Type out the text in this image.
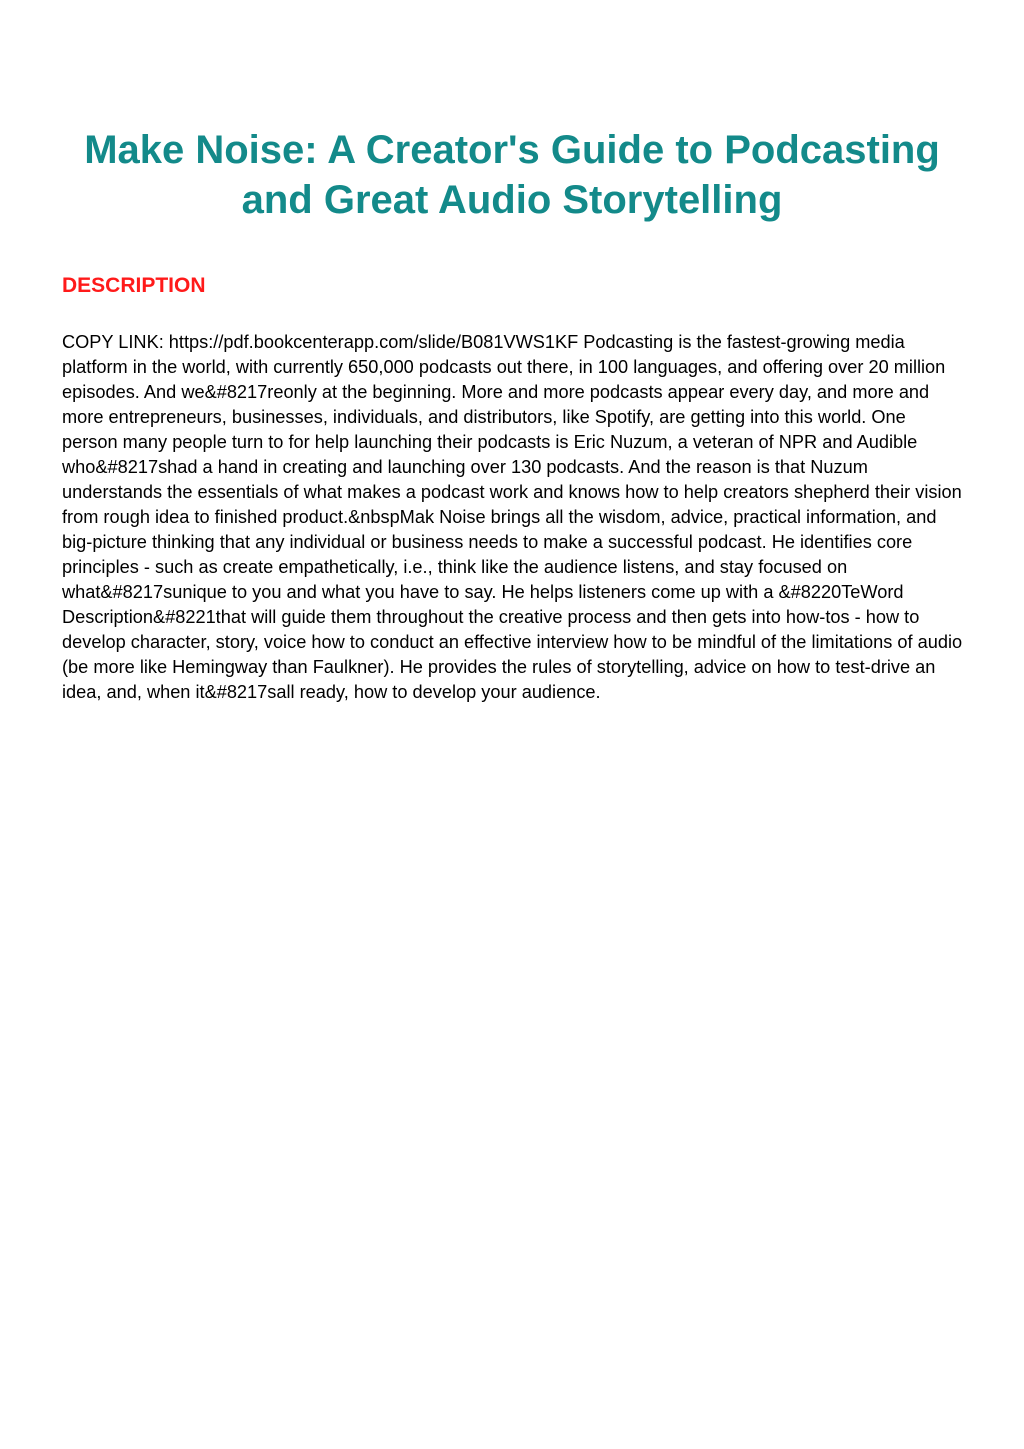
Make Noise: A Creator's Guide to Podcasting
and Great Audio Storytelling
DESCRIPTION

COPY LINK: https://pdf.bookcenterapp.com/slide/B081VWS1KF Podcasting is the fastest-growing media platform in the world, with currently 650,000 podcasts out there, in 100 languages, and offering over 20 million episodes. And we&#8217reonly at the beginning. More and more podcasts appear every day, and more and more entrepreneurs, businesses, individuals, and distributors, like Spotify, are getting into this world. One person many people turn to for help launching their podcasts is Eric Nuzum, a veteran of NPR and Audible who&#8217shad a hand in creating and launching over 130 podcasts. And the reason is that Nuzum understands the essentials of what makes a podcast work and knows how to help creators shepherd their vision from rough idea to finished product.&nbspMak Noise brings all the wisdom, advice, practical information, and big-picture thinking that any individual or business needs to make a successful podcast. He identifies core principles - such as create empathetically, i.e., think like the audience listens, and stay focused on what&#8217sunique to you and what you have to say. He helps listeners come up with a &#8220TeWord Description&#8221that will guide them throughout the creative process and then gets into how-tos - how to develop character, story, voice how to conduct an effective interview how to be mindful of the limitations of audio (be more like Hemingway than Faulkner). He provides the rules of storytelling, advice on how to test-drive an idea, and, when it&#8217sall ready, how to develop your audience.
